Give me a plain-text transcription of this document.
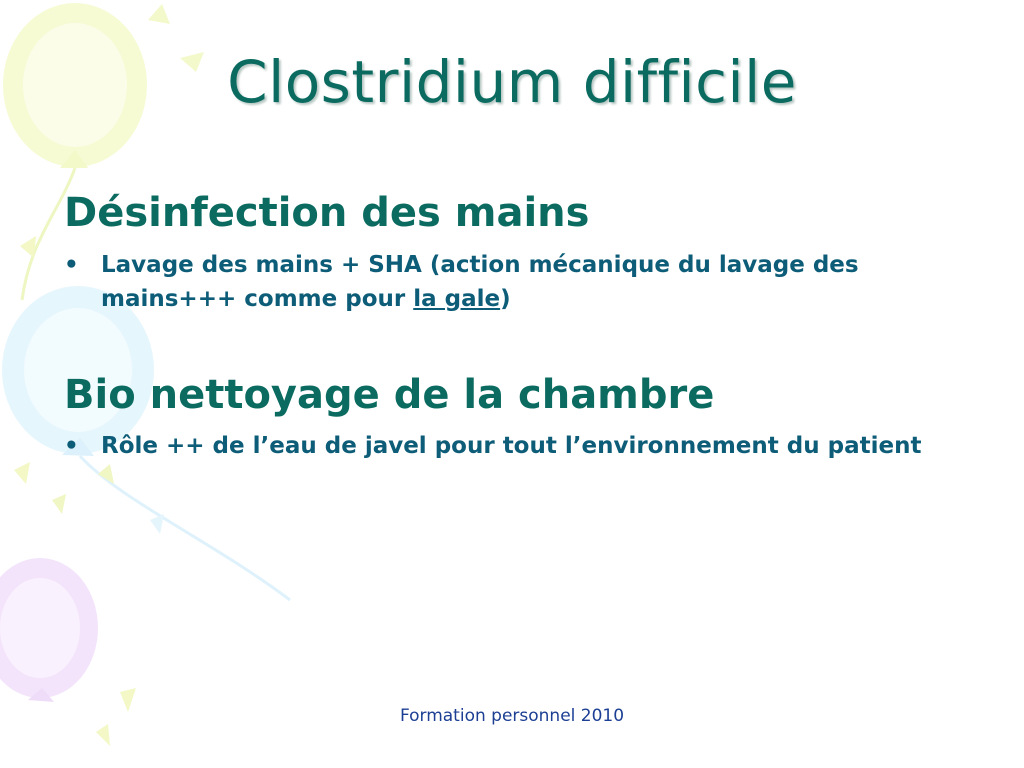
Clostridium difficile
Désinfection des mains
• Lavage des mains + SHA (action mécanique du lavage des mains+++ comme pour la gale)
Bio nettoyage de la chambre
• Rôle ++ de l’eau de javel pour tout l’environnement du patient
Formation personnel 2010
